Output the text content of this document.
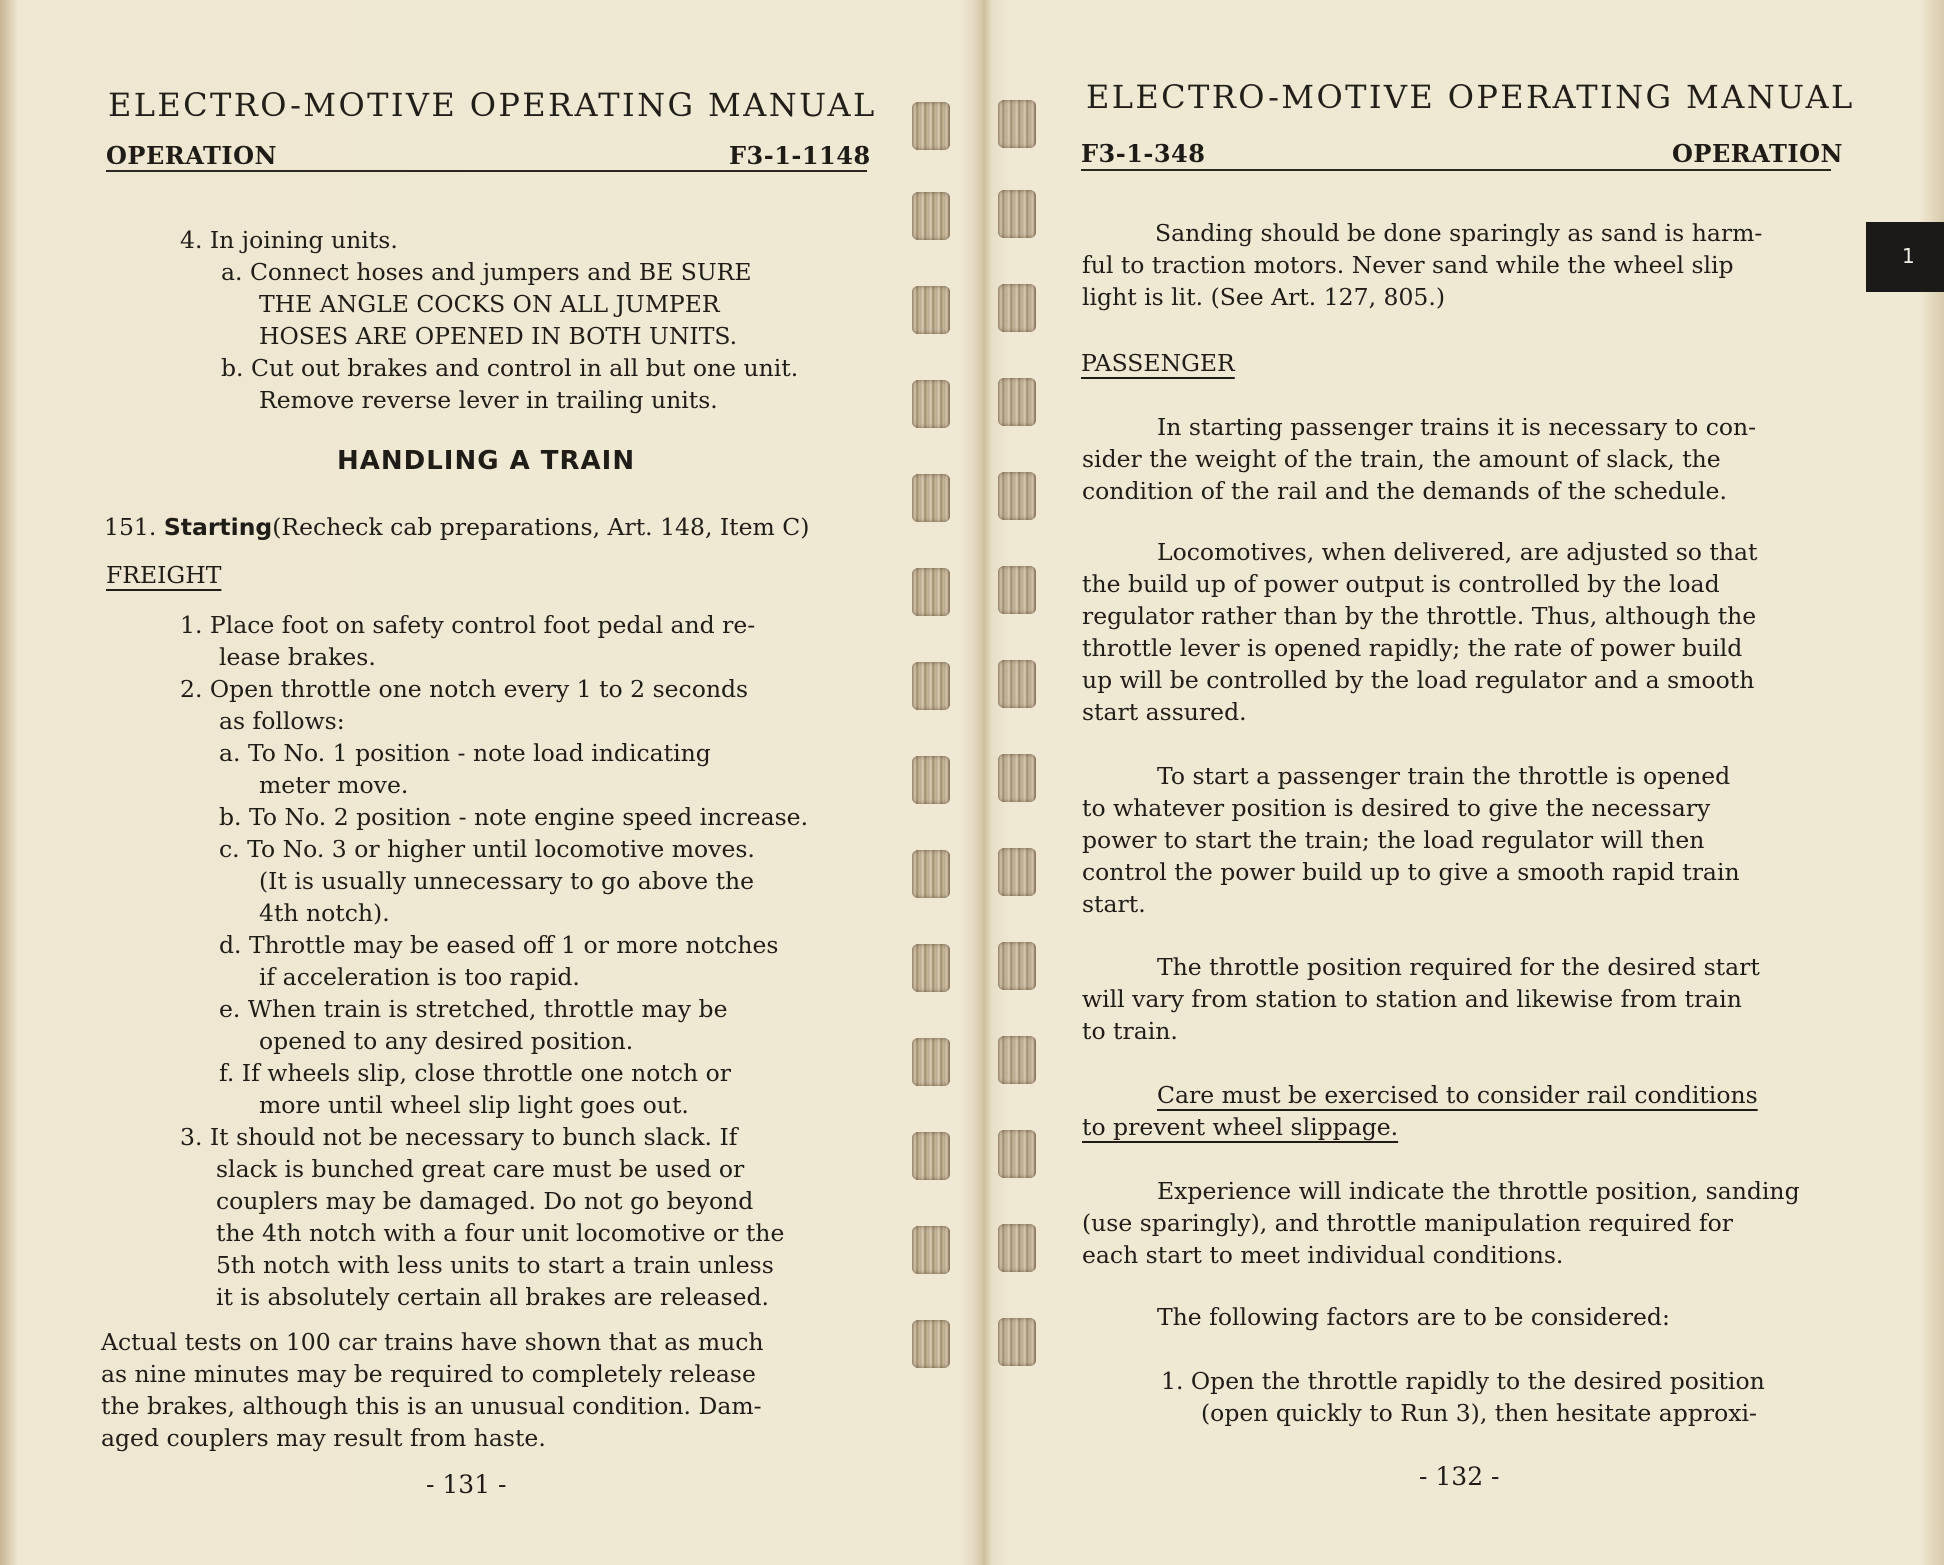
ELECTRO-MOTIVE OPERATING MANUAL
OPERATION	F3-1-1148
4. In joining units.
a. Connect hoses and jumpers and BE SURE
THE ANGLE COCKS ON ALL JUMPER
HOSES ARE OPENED IN BOTH UNITS.
b. Cut out brakes and control in all but one unit.
Remove reverse lever in trailing units.
HANDLING A TRAIN
151. Starting(Recheck cab preparations, Art. 148, Item C)
FREIGHT
1. Place foot on safety control foot pedal and re-
lease brakes.
2. Open throttle one notch every 1 to 2 seconds
as follows:
a. To No. 1 position - note load indicating
meter move.
b. To No. 2 position - note engine speed increase.
c. To No. 3 or higher until locomotive moves.
(It is usually unnecessary to go above the
4th notch).
d. Throttle may be eased off 1 or more notches
if acceleration is too rapid.
e. When train is stretched, throttle may be
opened to any desired position.
f. If wheels slip, close throttle one notch or
more until wheel slip light goes out.
3. It should not be necessary to bunch slack. If
slack is bunched great care must be used or
couplers may be damaged. Do not go beyond
the 4th notch with a four unit locomotive or the
5th notch with less units to start a train unless
it is absolutely certain all brakes are released.
Actual tests on 100 car trains have shown that as much
as nine minutes may be required to completely release
the brakes, although this is an unusual condition. Dam-
aged couplers may result from haste.
- 131 -
ELECTRO-MOTIVE OPERATING MANUAL
F3-1-348	OPERATION
Sanding should be done sparingly as sand is harm-
ful to traction motors. Never sand while the wheel slip
light is lit. (See Art. 127, 805.)
PASSENGER
In starting passenger trains it is necessary to con-
sider the weight of the train, the amount of slack, the
condition of the rail and the demands of the schedule.
Locomotives, when delivered, are adjusted so that
the build up of power output is controlled by the load
regulator rather than by the throttle. Thus, although the
throttle lever is opened rapidly; the rate of power build
up will be controlled by the load regulator and a smooth
start assured.
To start a passenger train the throttle is opened
to whatever position is desired to give the necessary
power to start the train; the load regulator will then
control the power build up to give a smooth rapid train
start.
The throttle position required for the desired start
will vary from station to station and likewise from train
to train.
Care must be exercised to consider rail conditions
to prevent wheel slippage.
Experience will indicate the throttle position, sanding
(use sparingly), and throttle manipulation required for
each start to meet individual conditions.
The following factors are to be considered:
1. Open the throttle rapidly to the desired position
(open quickly to Run 3), then hesitate approxi-
- 132 -
1
